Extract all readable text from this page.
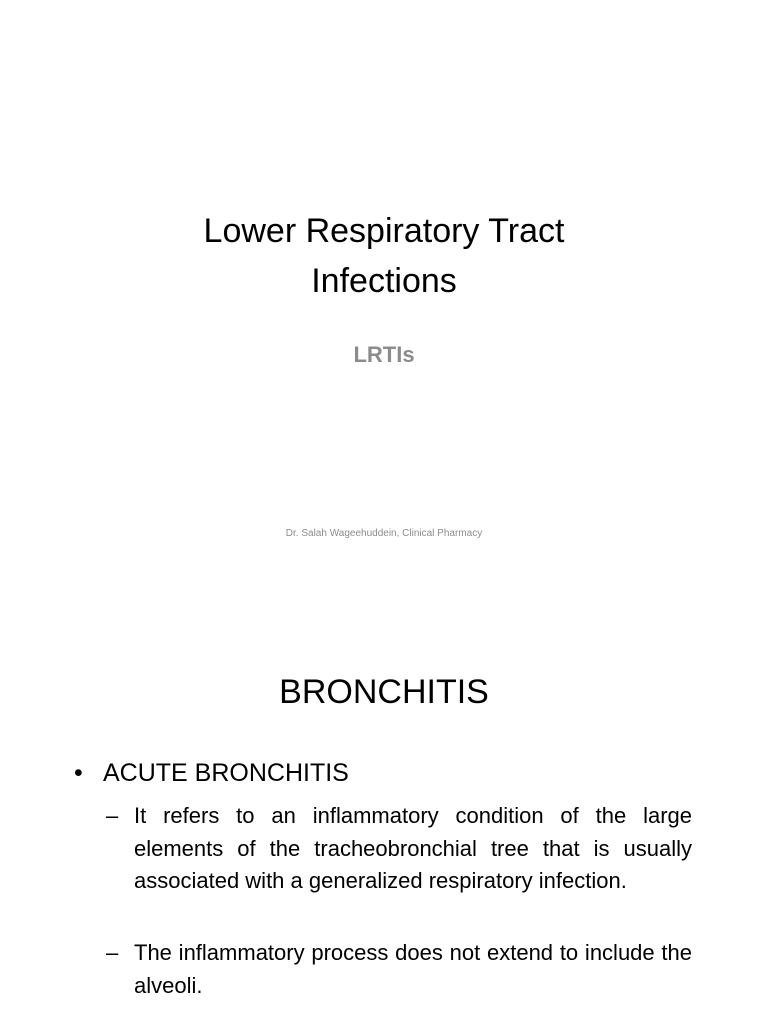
Lower Respiratory Tract
Infections
LRTIs
Dr. Salah Wageehuddein, Clinical Pharmacy
BRONCHITIS
• ACUTE BRONCHITIS
– It refers to an inflammatory condition of the large elements of the tracheobronchial tree that is usually associated with a generalized respiratory infection.
– The inflammatory process does not extend to include the alveoli.
